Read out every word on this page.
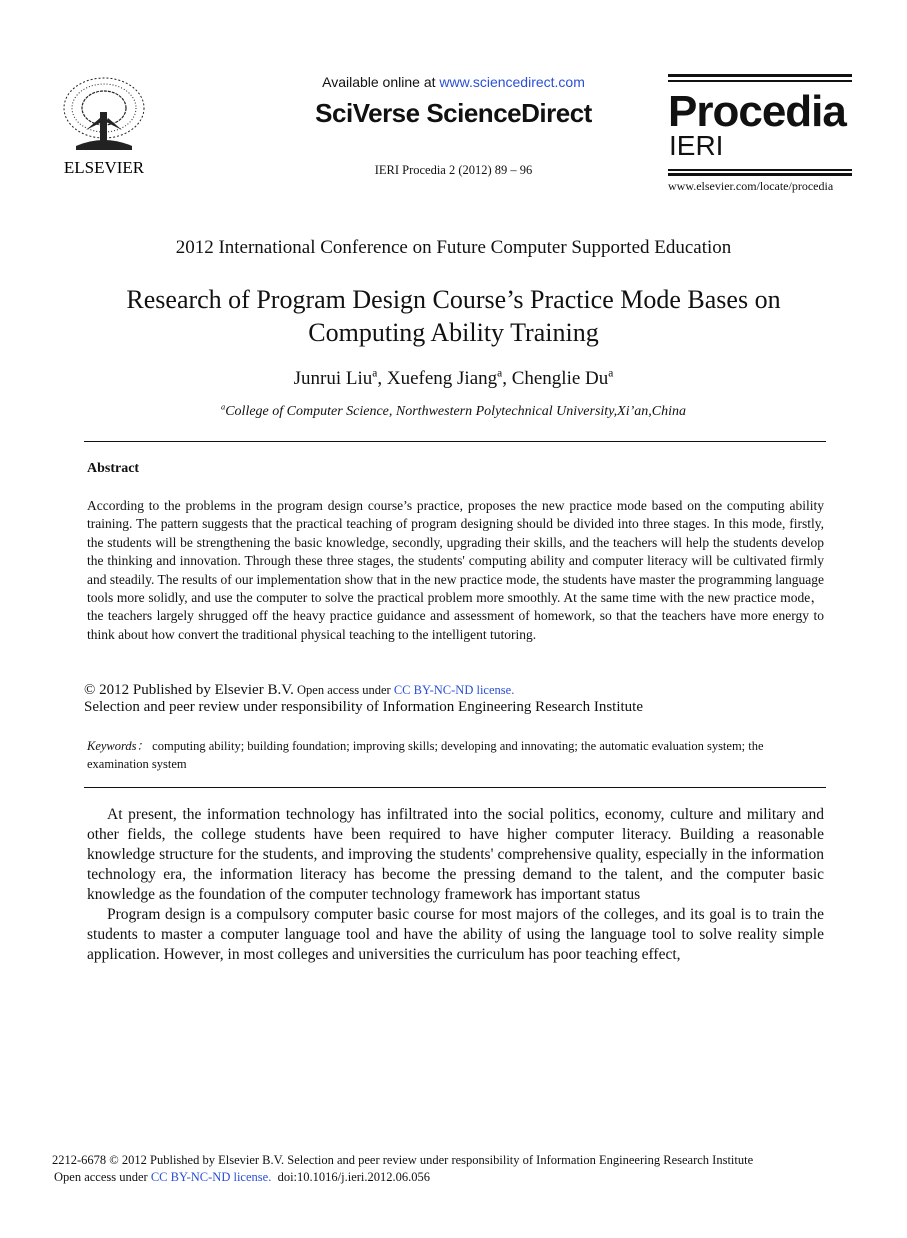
ELSEVIER
Available online at www.sciencedirect.com
SciVerse ScienceDirect
IERI Procedia 2 (2012) 89 – 96
Procedia
IERI
www.elsevier.com/locate/procedia
2012 International Conference on Future Computer Supported Education
Research of Program Design Course’s Practice Mode Bases on
Computing Ability Training
Junrui Liu$^a$, Xuefeng Jiang$^a$, Chenglie Du$^a$
$^a$College of Computer Science, Northwestern Polytechnical University,Xi’an,China
Abstract
According to the problems in the program design course’s practice, proposes the new practice mode based on the computing ability training. The pattern suggests that the practical teaching of program designing should be divided into three stages. In this mode, firstly, the students will be strengthening the basic knowledge, secondly, upgrading their skills, and the teachers will help the students develop the thinking and innovation. Through these three stages, the students' computing ability and computer literacy will be cultivated firmly and steadily. The results of our implementation show that in the new practice mode, the students have master the programming language tools more solidly, and use the computer to solve the practical problem more smoothly. At the same time with the new practice mode，the teachers largely shrugged off the heavy practice guidance and assessment of homework, so that the teachers have more energy to think about how convert the traditional physical teaching to the intelligent tutoring.
© 2012 Published by Elsevier B.V. Open access under CC BY-NC-ND license.
Selection and peer review under responsibility of Information Engineering Research Institute
Keywords： computing ability; building foundation; improving skills; developing and innovating; the automatic evaluation system; the examination system

At present, the information technology has infiltrated into the social politics, economy, culture and military and other fields, the college students have been required to have higher computer literacy. Building a reasonable knowledge structure for the students, and improving the students' comprehensive quality, especially in the information technology era, the information literacy has become the pressing demand to the talent, and the computer basic knowledge as the foundation of the computer technology framework has important status

Program design is a compulsory computer basic course for most majors of the colleges, and its goal is to train the students to master a computer language tool and have the ability of using the language tool to solve reality simple application. However, in most colleges and universities the curriculum has poor teaching effect,

2212-6678 © 2012 Published by Elsevier B.V. Selection and peer review under responsibility of Information Engineering Research Institute
Open access under CC BY-NC-ND license.  doi:10.1016/j.ieri.2012.06.056
